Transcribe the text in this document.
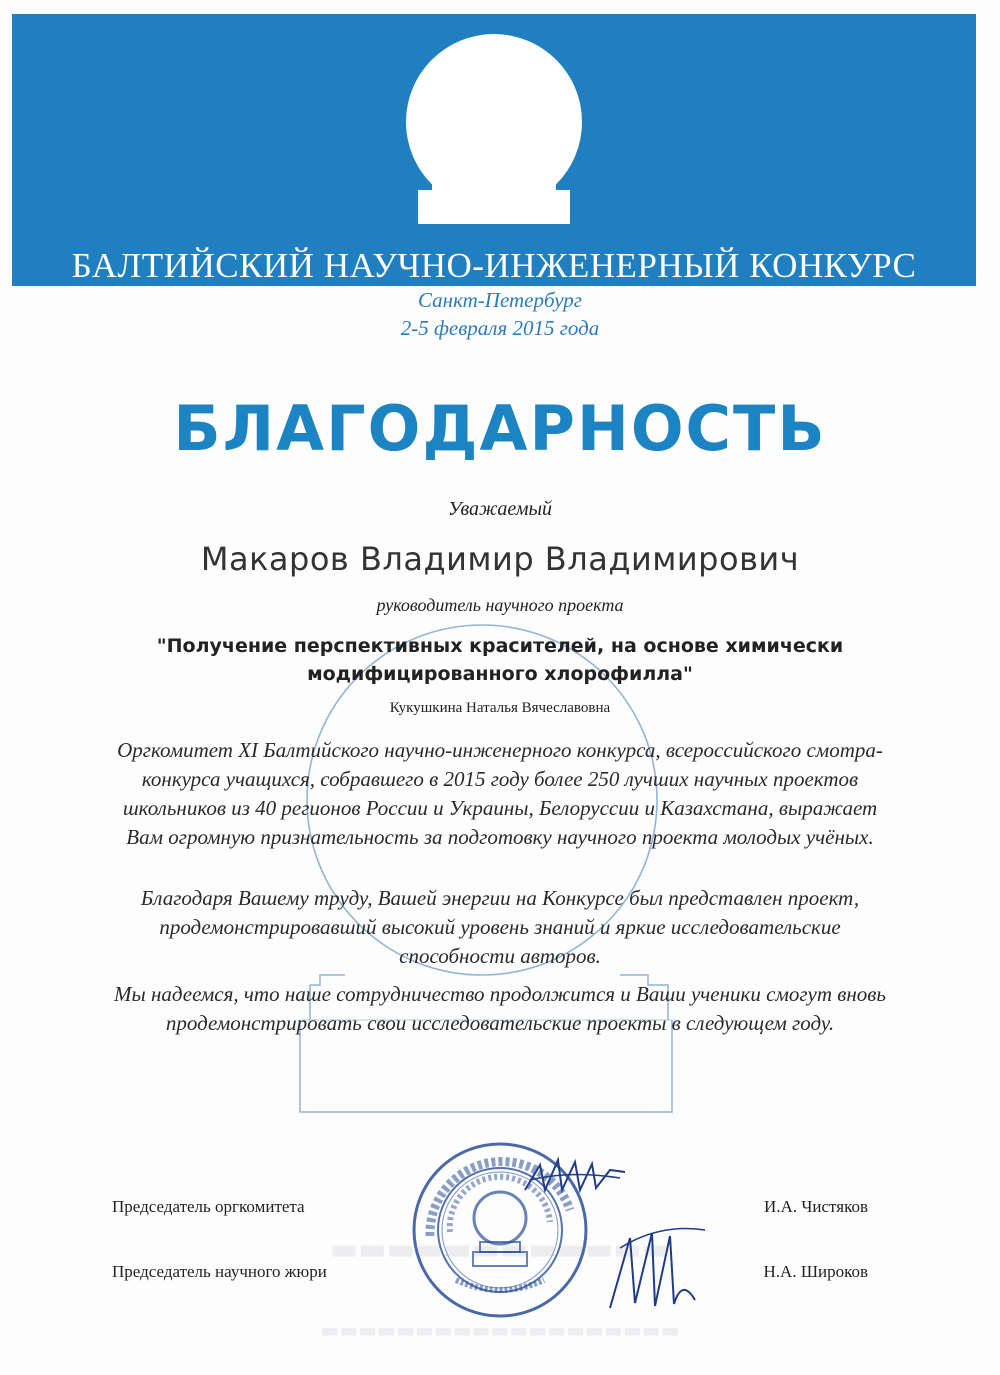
БАЛТИЙСКИЙ НАУЧНО-ИНЖЕНЕРНЫЙ КОНКУРС
Санкт-Петербург
2-5 февраля 2015 года
БЛАГОДАРНОСТЬ
Уважаемый
Макаров Владимир Владимирович
руководитель научного проекта
"Получение перспективных красителей, на основе химически
модифицированного хлорофилла"
Кукушкина Наталья Вячеславовна
Оргкомитет XI Балтийского научно-инженерного конкурса, всероссийского смотра-конкурса учащихся, собравшего в 2015 году более 250 лучших научных проектов школьников из 40 регионов России и Украины, Белоруссии и Казахстана, выражает Вам огромную признательность за подготовку научного проекта молодых учёных.
Благодаря Вашему труду, Вашей энергии на Конкурсе был представлен проект, продемонстрировавший высокий уровень знаний и яркие исследовательские способности авторов.
Мы надеемся, что наше сотрудничество продолжится и Ваши ученики смогут вновь продемонстрировать свои исследовательские проекты в следующем году.
▬▬▬▬▬▬▬▬▬▬▬▬
▬▬▬▬▬▬▬▬▬▬▬▬▬▬▬▬▬▬▬
Председатель оргкомитета	И.А. Чистяков
Председатель научного жюри	Н.А. Широков
